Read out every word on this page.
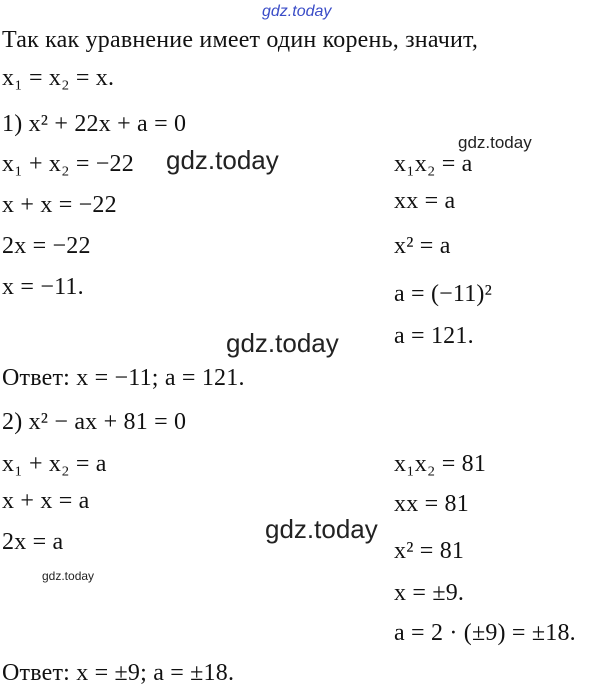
gdz.today
gdz.today
gdz.today
gdz.today
gdz.today
gdz.today
Так как уравнение имеет один корень, значит,
x₁ = x₂ = x.
1) x² + 22x + a = 0
x₁ + x₂ = −22
x + x = −22
2x = −22
x = −11.
x₁x₂ = a
xx = a
x² = a
a = (−11)²
a = 121.
Ответ: x = −11; a = 121.
2) x² − ax + 81 = 0
x₁ + x₂ = a
x + x = a
2x = a
x₁x₂ = 81
xx = 81
x² = 81
x = ±9.
a = 2 · (±9) = ±18.
Ответ: x = ±9; a = ±18.
